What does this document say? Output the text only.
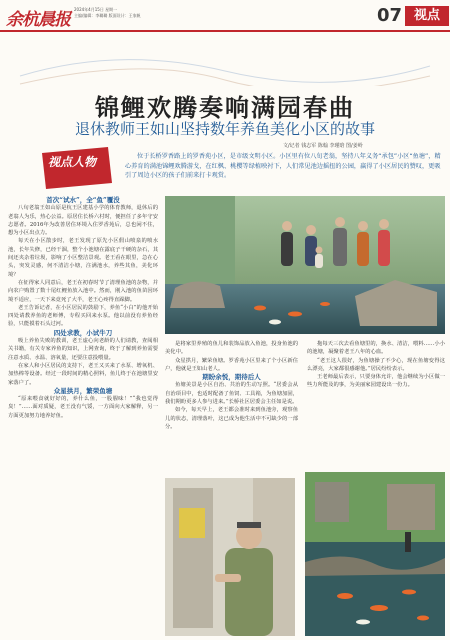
余杭晨报
2024年4月15日 星期一
主编/编辑：李璐璐 版面设计：王家帆	07 视点
锦鲤欢腾奏响满园春曲
退休教师王如山坚持数年养鱼美化小区的故事
文/记者 钱志军 陈翰 李瑾晗 图/姜岭
视点人物	位于长桥罗香路上的罗香苑小区，是市级文明小区。小区里有位八旬老翁，坚持八年义务“承包”小区“鱼塘”，精心养育的满池锦鲤欢腾游戈，在红枫、桃樱等绿植映衬下，人们常见池边摇扭的公园，赢得了小区居民的赞叹，更吸引了周边小区的孩子们前来打卡观赏。

首次“试水”，全“鱼”覆没

八旬老翁王如山原是杭王区建基小学的体育教师，退休后的老翁人为乐，热心公益。原居住长桥六村时，便担任了多年守安志愿者。2016年为改善居住环境入住罗香苑后，总也闲不住，想为小区出点力。

每天在小区散步时，老王发现了原先小区假山喷泉的喷水池，长年失修，已经干涸，整个小池塘在露底子干硬的杂石，其间还夹杂着垃圾，影响了小区整洁景观。老王看在眼里，急在心头，突发灵感，何不清洁小塘，注满池水，养些其鱼，美化环境？

在征得家人同意后，老王在初春时节了清理鱼池的杂物，并向农户购置了数十尾红鲤鱼放入池中。然而，刚入池的鱼苗因环境不适应，一天下来竟死了大半，老王心疼得直跺脚。

老王告诉记者，在小区居民的鼓励下，养鱼“小白”的他开始四处请教养鱼的老师傅，专程买回来水泵。他以前没有养鱼经验，只能摸着石头过河。

四处求教，小试牛刀

吸上养鱼失败的教训，老王虚心向老龄的人们请教，查阅相关书籍，有关专家养鱼的知识，上网查询，终于了解到养鱼需要注意水质、水温、溶氧量，还要注意投喂量。

在家人和小区居民的支持下，老王又买来了水泵、增氧机、加热棒等设备。经过一段时间的精心照料，鱼儿终于在池塘里安家落户了。

众星拱月，繁荣鱼塘

“原来喂食就好好的，养什么鱼，一股腥味！”“我也觉得臭！”……面对质疑，老王没有气馁，一方面向大家解释，另一方面更加努力地养好鱼。

是将家里养殖的鱼儿和装饰品放入鱼池，投身鱼池的美化中。

众星拱月，繁荣鱼塘。罗香苑小区里来了个小区新住户，他就是王如山老人。

期盼余悦，期待后人

鱼塘美景是小区自治、共治的生动写照。“居委会从自治项目中，也适时配备了鱼饲、工具箱，为鱼塘加固，我们期盼更多人参与进来。”长桥社区居委会主任如是说。

如今，每天早上，老王都会准时来到鱼池旁，观察鱼儿的状态，清理落叶，这已成为他生活中不可缺少的一部分。

拖每天三次去看鱼塘里的，换水、清洁，喂料……小小的池塘，凝聚着老王八年的心血。

“老王这人很好，为鱼塘操了不少心，现在鱼塘变得这么漂亮，大家都很感谢他。”居民纷纷表示。

王老师最后表示，只要身体允许，他会继续为小区做一些力所能及的事，为美丽家园建设出一份力。
